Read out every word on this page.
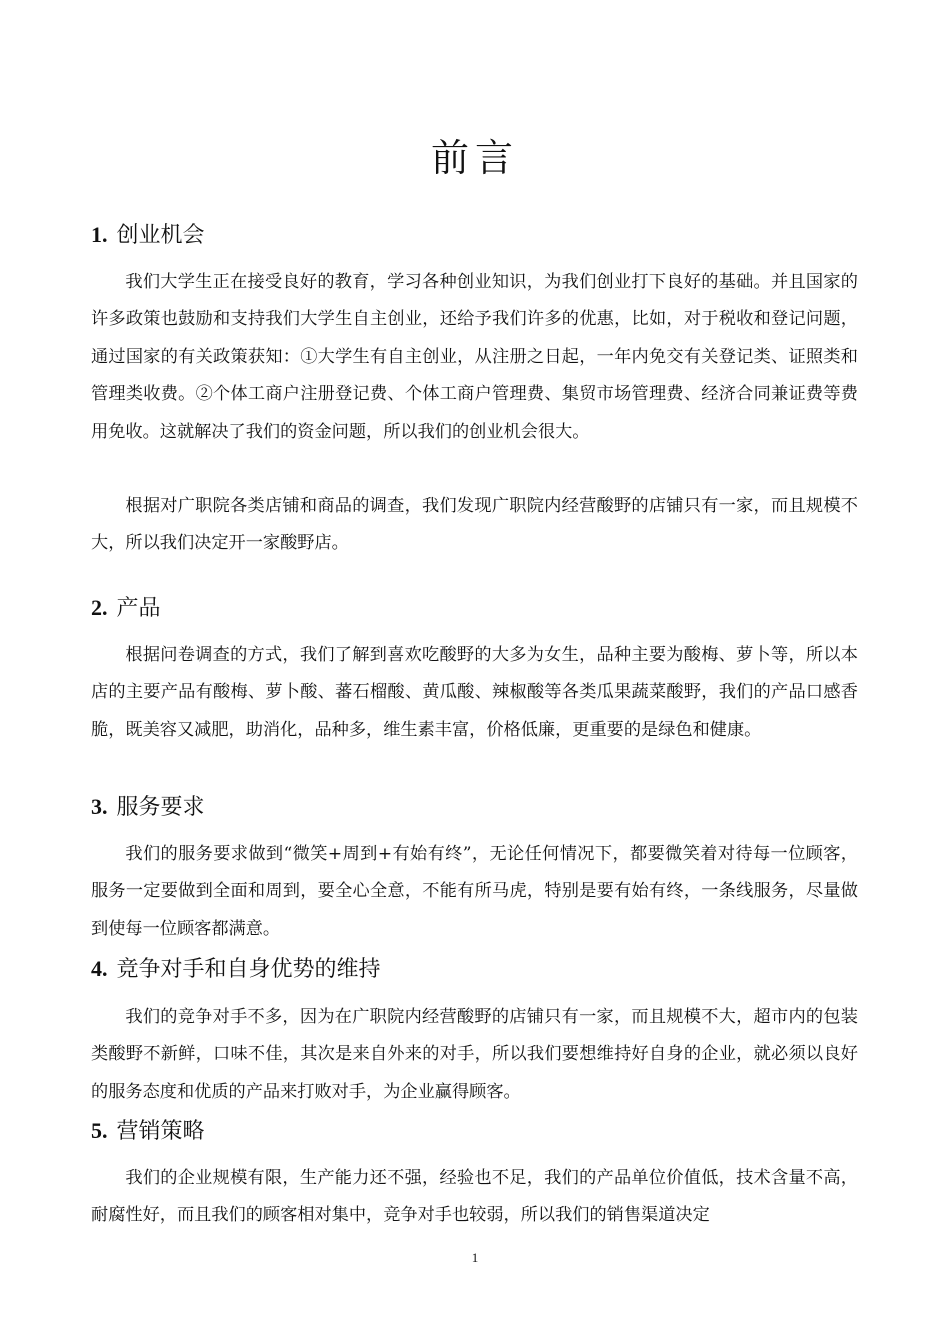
前言
1. 创业机会

我们大学生正在接受良好的教育，学习各种创业知识，为我们创业打下良好的基础。并且国家的许多政策也鼓励和支持我们大学生自主创业，还给予我们许多的优惠，比如，对于税收和登记问题，通过国家的有关政策获知：①大学生有自主创业，从注册之日起，一年内免交有关登记类、证照类和管理类收费。②个体工商户注册登记费、个体工商户管理费、集贸市场管理费、经济合同兼证费等费用免收。这就解决了我们的资金问题，所以我们的创业机会很大。

根据对广职院各类店铺和商品的调查，我们发现广职院内经营酸野的店铺只有一家，而且规模不大，所以我们决定开一家酸野店。

2. 产品

根据问卷调查的方式，我们了解到喜欢吃酸野的大多为女生，品种主要为酸梅、萝卜等，所以本店的主要产品有酸梅、萝卜酸、蕃石榴酸、黄瓜酸、辣椒酸等各类瓜果蔬菜酸野，我们的产品口感香脆，既美容又减肥，助消化，品种多，维生素丰富，价格低廉，更重要的是绿色和健康。

3. 服务要求

我们的服务要求做到“微笑+周到+有始有终”，无论任何情况下，都要微笑着对待每一位顾客，服务一定要做到全面和周到，要全心全意，不能有所马虎，特别是要有始有终，一条线服务，尽量做到使每一位顾客都满意。

4. 竞争对手和自身优势的维持

我们的竞争对手不多，因为在广职院内经营酸野的店铺只有一家，而且规模不大，超市内的包装类酸野不新鲜，口味不佳，其次是来自外来的对手，所以我们要想维持好自身的企业，就必须以良好的服务态度和优质的产品来打败对手，为企业赢得顾客。

5. 营销策略

我们的企业规模有限，生产能力还不强，经验也不足，我们的产品单位价值低，技术含量不高，耐腐性好，而且我们的顾客相对集中，竞争对手也较弱，所以我们的销售渠道决定

1
